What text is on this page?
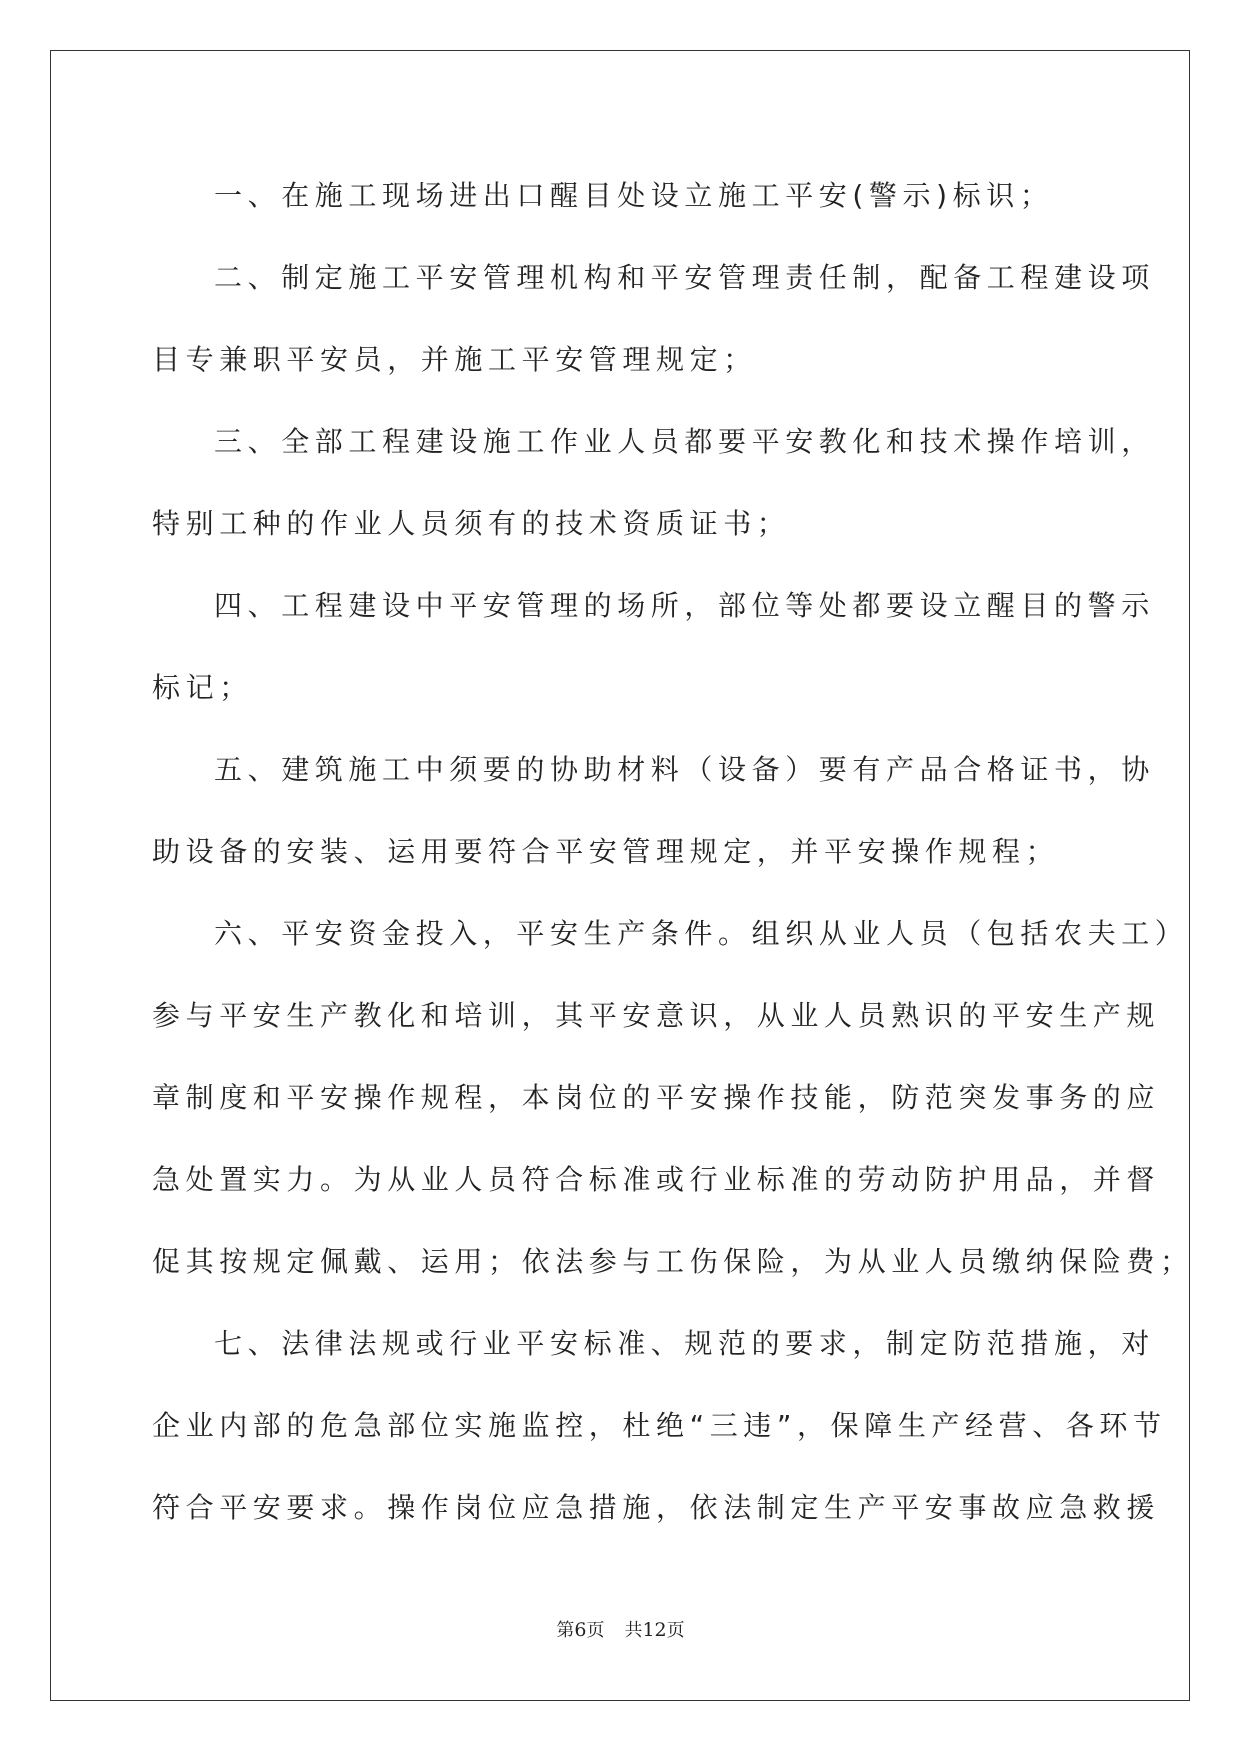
一、在施工现场进出口醒目处设立施工平安(警示)标识；
二、制定施工平安管理机构和平安管理责任制，配备工程建设项
目专兼职平安员，并施工平安管理规定；
三、全部工程建设施工作业人员都要平安教化和技术操作培训，
特别工种的作业人员须有的技术资质证书；
四、工程建设中平安管理的场所，部位等处都要设立醒目的警示
标记；
五、建筑施工中须要的协助材料（设备）要有产品合格证书，协
助设备的安装、运用要符合平安管理规定，并平安操作规程；
六、平安资金投入，平安生产条件。组织从业人员（包括农夫工）
参与平安生产教化和培训，其平安意识，从业人员熟识的平安生产规
章制度和平安操作规程，本岗位的平安操作技能，防范突发事务的应
急处置实力。为从业人员符合标准或行业标准的劳动防护用品，并督
促其按规定佩戴、运用；依法参与工伤保险，为从业人员缴纳保险费；
七、法律法规或行业平安标准、规范的要求，制定防范措施，对
企业内部的危急部位实施监控，杜绝“三违”，保障生产经营、各环节
符合平安要求。操作岗位应急措施，依法制定生产平安事故应急救援
第6页 共12页
